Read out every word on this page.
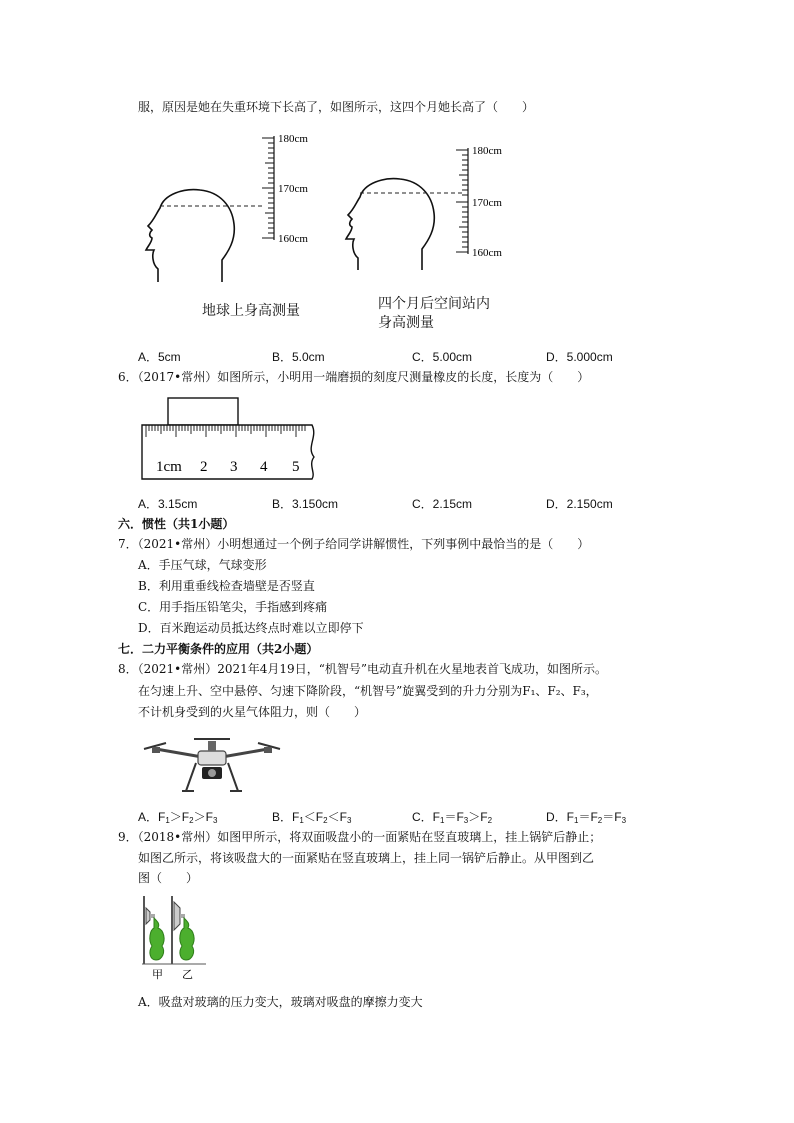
服，原因是她在失重环境下长高了，如图所示，这四个月她长高了（　　）
180cm
170cm
160cm
180cm
170cm
160cm
地球上身高测量	四个月后空间站内
身高测量
A．5cm	B．5.0cm	C．5.00cm	D．5.000cm
6．（2017•常州）如图所示，小明用一端磨损的刻度尺测量橡皮的长度，长度为（　　）
1cm 2 3 4 5
A．3.15cm	B．3.150cm	C．2.15cm	D．2.150cm
六．惯性（共1小题）
7．（2021•常州）小明想通过一个例子给同学讲解惯性，下列事例中最恰当的是（　　）
A．手压气球，气球变形
B．利用重垂线检查墙壁是否竖直
C．用手指压铅笔尖，手指感到疼痛
D．百米跑运动员抵达终点时难以立即停下
七．二力平衡条件的应用（共2小题）
8．（2021•常州）2021年4月19日，“机智号”电动直升机在火星地表首飞成功，如图所示。
在匀速上升、空中悬停、匀速下降阶段，“机智号”旋翼受到的升力分别为F₁、F₂、F₃，
不计机身受到的火星气体阻力，则（　　）
A．$F_1>F_2>F_3$	B．$F_1<F_2<F_3$	C．$F_1=F_3>F_2$	D．$F_1=F_2=F_3$
9．（2018•常州）如图甲所示，将双面吸盘小的一面紧贴在竖直玻璃上，挂上锅铲后静止；
如图乙所示，将该吸盘大的一面紧贴在竖直玻璃上，挂上同一锅铲后静止。从甲图到乙
图（　　）
甲 乙
A．吸盘对玻璃的压力变大，玻璃对吸盘的摩擦力变大
